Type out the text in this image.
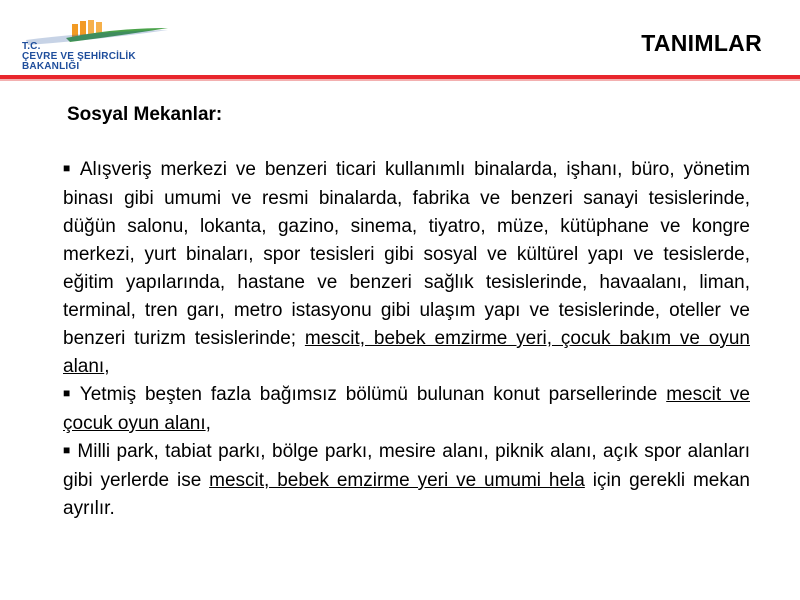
T.C.
ÇEVRE VE ŞEHİRCİLİK
BAKANLIĞI
TANIMLAR
Sosyal Mekanlar:

■ Alışveriş merkezi ve benzeri ticari kullanımlı binalarda, işhanı, büro, yönetim binası gibi umumi ve resmi binalarda, fabrika ve benzeri sanayi tesislerinde, düğün salonu, lokanta, gazino, sinema, tiyatro, müze, kütüphane ve kongre merkezi, yurt binaları, spor tesisleri gibi sosyal ve kültürel yapı ve tesislerde, eğitim yapılarında, hastane ve benzeri sağlık tesislerinde, havaalanı, liman, terminal, tren garı, metro istasyonu gibi ulaşım yapı ve tesislerinde, oteller ve benzeri turizm tesislerinde; mescit, bebek emzirme yeri, çocuk bakım ve oyun alanı,

■ Yetmiş beşten fazla bağımsız bölümü bulunan konut parsellerinde mescit ve çocuk oyun alanı,

■ Milli park, tabiat parkı, bölge parkı, mesire alanı, piknik alanı, açık spor alanları gibi yerlerde ise mescit, bebek emzirme yeri ve umumi hela için gerekli mekan ayrılır.
